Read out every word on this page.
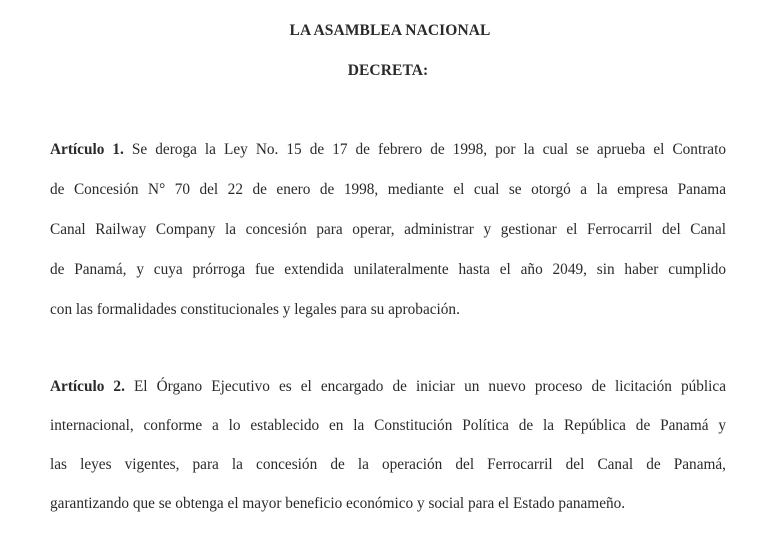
LA ASAMBLEA NACIONAL
DECRETA:
Artículo 1. Se deroga la Ley No. 15 de 17 de febrero de 1998, por la cual se aprueba el Contrato
de Concesión N° 70 del 22 de enero de 1998, mediante el cual se otorgó a la empresa Panama
Canal Railway Company la concesión para operar, administrar y gestionar el Ferrocarril del Canal
de Panamá, y cuya prórroga fue extendida unilateralmente hasta el año 2049, sin haber cumplido
con las formalidades constitucionales y legales para su aprobación.
Artículo 2. El Órgano Ejecutivo es el encargado de iniciar un nuevo proceso de licitación pública
internacional, conforme a lo establecido en la Constitución Política de la República de Panamá y
las leyes vigentes, para la concesión de la operación del Ferrocarril del Canal de Panamá,
garantizando que se obtenga el mayor beneficio económico y social para el Estado panameño.
